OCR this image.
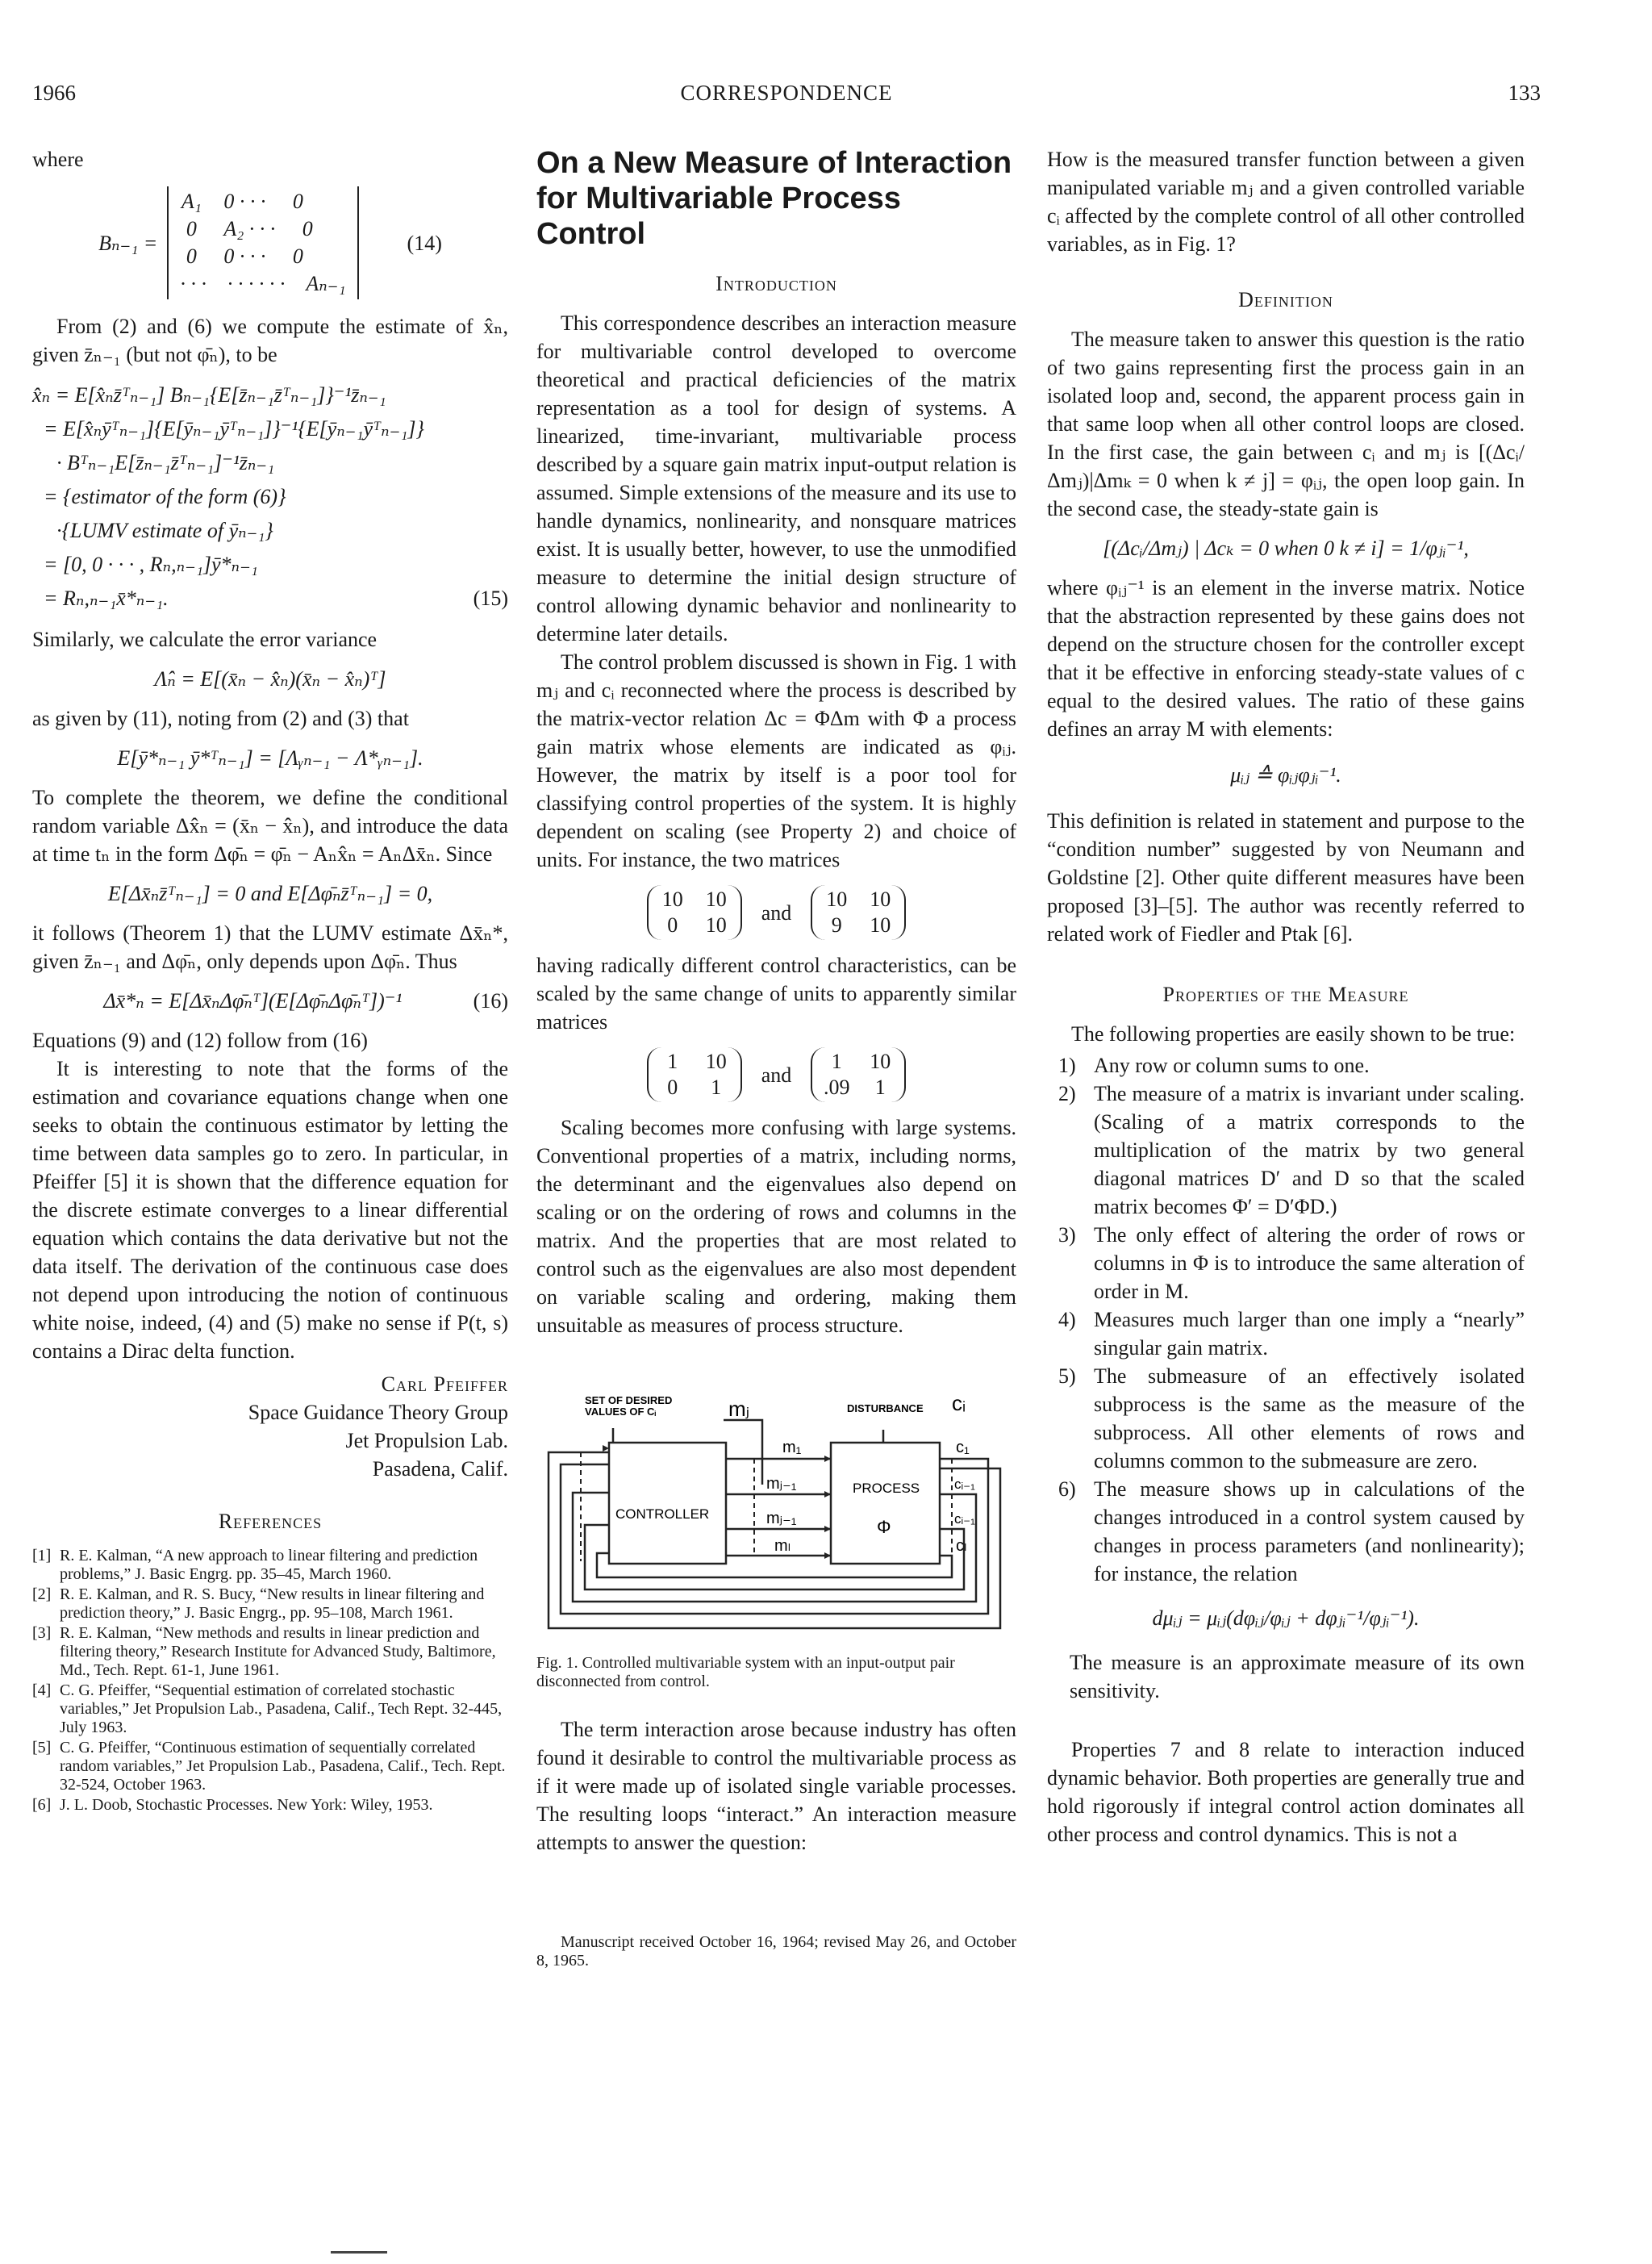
1966	CORRESPONDENCE	133

where

Bₙ₋₁ =
A₁ 0 · · · 0
0 A₂ · · · 0
0 0 · · · 0
· · · · · · · · · Aₙ₋₁
(14)

From (2) and (6) we compute the estimate of x̂ₙ, given z̄ₙ₋₁ (but not φ̄ₙ), to be

x̂ₙ = E[x̂ₙz̄ᵀₙ₋₁] Bₙ₋₁{E[z̄ₙ₋₁z̄ᵀₙ₋₁]}⁻¹z̄ₙ₋₁
= E[x̂ₙȳᵀₙ₋₁]{E[ȳₙ₋₁ȳᵀₙ₋₁]}⁻¹{E[ȳₙ₋₁ȳᵀₙ₋₁]}
· Bᵀₙ₋₁E[z̄ₙ₋₁z̄ᵀₙ₋₁]⁻¹z̄ₙ₋₁
= {estimator of the form (6)}
·{LUMV estimate of ȳₙ₋₁}
= [0, 0 · · · , Rₙ,ₙ₋₁]ȳ*ₙ₋₁
= Rₙ,ₙ₋₁x̄*ₙ₋₁.	(15)

Similarly, we calculate the error variance

Λ̂ₙ = E[(x̄ₙ − x̂ₙ)(x̄ₙ − x̂ₙ)ᵀ]

as given by (11), noting from (2) and (3) that

E[ȳ*ₙ₋₁ ȳ*ᵀₙ₋₁] = [Λᵧₙ₋₁ − Λ*ᵧₙ₋₁].

To complete the theorem, we define the conditional random variable Δx̂ₙ = (x̄ₙ − x̂ₙ), and introduce the data at time tₙ in the form Δφ̄ₙ = φ̄ₙ − Aₙx̂ₙ = AₙΔx̄ₙ. Since

E[Δx̄ₙz̄ᵀₙ₋₁] = 0 and E[Δφ̄ₙz̄ᵀₙ₋₁] = 0,

it follows (Theorem 1) that the LUMV estimate Δx̄ₙ*, given z̄ₙ₋₁ and Δφ̄ₙ, only depends upon Δφ̄ₙ. Thus

Δx̄*ₙ = E[Δx̄ₙΔφ̄ₙᵀ](E[Δφ̄ₙΔφ̄ₙᵀ])⁻¹	(16)

Equations (9) and (12) follow from (16)

It is interesting to note that the forms of the estimation and covariance equations change when one seeks to obtain the continuous estimator by letting the time between data samples go to zero. In particular, in Pfeiffer [5] it is shown that the difference equation for the discrete estimate converges to a linear differential equation which contains the data derivative but not the data itself. The derivation of the continuous case does not depend upon introducing the notion of continuous white noise, indeed, (4) and (5) make no sense if P(t, s) contains a Dirac delta function.

Carl Pfeiffer
Space Guidance Theory Group
Jet Propulsion Lab.
Pasadena, Calif.
References
[1] R. E. Kalman, “A new approach to linear filtering and prediction problems,” J. Basic Engrg. pp. 35–45, March 1960.
[2] R. E. Kalman, and R. S. Bucy, “New results in linear filtering and prediction theory,” J. Basic Engrg., pp. 95–108, March 1961.
[3] R. E. Kalman, “New methods and results in linear prediction and filtering theory,” Research Institute for Advanced Study, Baltimore, Md., Tech. Rept. 61-1, June 1961.
[4] C. G. Pfeiffer, “Sequential estimation of correlated stochastic variables,” Jet Propulsion Lab., Pasadena, Calif., Tech Rept. 32-445, July 1963.
[5] C. G. Pfeiffer, “Continuous estimation of sequentially correlated random variables,” Jet Propulsion Lab., Pasadena, Calif., Tech. Rept. 32-524, October 1963.
[6] J. L. Doob, Stochastic Processes. New York: Wiley, 1953.
On a New Measure of Interaction for Multivariable Process Control
Introduction

This correspondence describes an interaction measure for multivariable control developed to overcome theoretical and practical deficiencies of the matrix representation as a tool for design of systems. A linearized, time-invariant, multivariable process described by a square gain matrix input-output relation is assumed. Simple extensions of the measure and its use to handle dynamics, nonlinearity, and nonsquare matrices exist. It is usually better, however, to use the unmodified measure to determine the initial design structure of control allowing dynamic behavior and nonlinearity to determine later details.

The control problem discussed is shown in Fig. 1 with mⱼ and cᵢ reconnected where the process is described by the matrix-vector relation Δc = ΦΔm with Φ a process gain matrix whose elements are indicated as φᵢⱼ. However, the matrix by itself is a poor tool for classifying control properties of the system. It is highly dependent on scaling (see Property 2) and choice of units. For instance, the two matrices

10 10
0	10
and
10 10
9	10

having radically different control characteristics, can be scaled by the same change of units to apparently similar matrices

1	10
0	1
and
1	10
.09	1

Scaling becomes more confusing with large systems. Conventional properties of a matrix, including norms, the determinant and the eigenvalues also depend on scaling or on the ordering of rows and columns in the matrix. And the properties that are most related to control such as the eigenvalues are also most dependent on variable scaling and ordering, making them unsuitable as measures of process structure.

SET OF DESIRED
VALUES OF Cᵢ	mⱼ	DISTURBANCE cᵢ
CONTROLLER
PROCESS
Φ
m₁
mⱼ₋₁
mⱼ₋₁
mₗ
c₁
cᵢ₋₁
cᵢ₋₁
cₗ
Fig. 1. Controlled multivariable system with an input-output pair disconnected from control.

The term interaction arose because industry has often found it desirable to control the multivariable process as if it were made up of isolated single variable processes. The resulting loops “interact.” An interaction measure attempts to answer the question:

Manuscript received October 16, 1964; revised May 26, and October 8, 1965.

How is the measured transfer function between a given manipulated variable mⱼ and a given controlled variable cᵢ affected by the complete control of all other controlled variables, as in Fig. 1?

Definition

The measure taken to answer this question is the ratio of two gains representing first the process gain in an isolated loop and, second, the apparent process gain in that same loop when all other control loops are closed. In the first case, the gain between cᵢ and mⱼ is [(Δcᵢ/Δmⱼ)|Δmₖ = 0 when k ≠ j] = φᵢⱼ, the open loop gain. In the second case, the steady-state gain is

[(Δcᵢ/Δmⱼ) | Δcₖ = 0 when 0 k ≠ i] = 1/φⱼᵢ⁻¹,

where φᵢⱼ⁻¹ is an element in the inverse matrix. Notice that the abstraction represented by these gains does not depend on the structure chosen for the controller except that it be effective in enforcing steady-state values of c equal to the desired values. The ratio of these gains defines an array M with elements:

μᵢⱼ ≙ φᵢⱼφⱼᵢ⁻¹.

This definition is related in statement and purpose to the “condition number” suggested by von Neumann and Goldstine [2]. Other quite different measures have been proposed [3]–[5]. The author was recently referred to related work of Fiedler and Ptak [6].

Properties of the Measure

The following properties are easily shown to be true:

1) Any row or column sums to one.
2) The measure of a matrix is invariant under scaling. (Scaling of a matrix corresponds to the multiplication of the matrix by two general diagonal matrices D′ and D so that the scaled matrix becomes Φ′ = D′ΦD.)
3) The only effect of altering the order of rows or columns in Φ is to introduce the same alteration of order in M.
4) Measures much larger than one imply a “nearly” singular gain matrix.
5) The submeasure of an effectively isolated subprocess is the same as the measure of the subprocess. All other elements of rows and columns common to the submeasure are zero.
6) The measure shows up in calculations of the changes introduced in a control system caused by changes in process parameters (and nonlinearity); for instance, the relation
dμᵢⱼ = μᵢⱼ(dφᵢⱼ/φᵢⱼ + dφⱼᵢ⁻¹/φⱼᵢ⁻¹).

The measure is an approximate measure of its own sensitivity.

Properties 7 and 8 relate to interaction induced dynamic behavior. Both properties are generally true and hold rigorously if integral control action dominates all other process and control dynamics. This is not a
